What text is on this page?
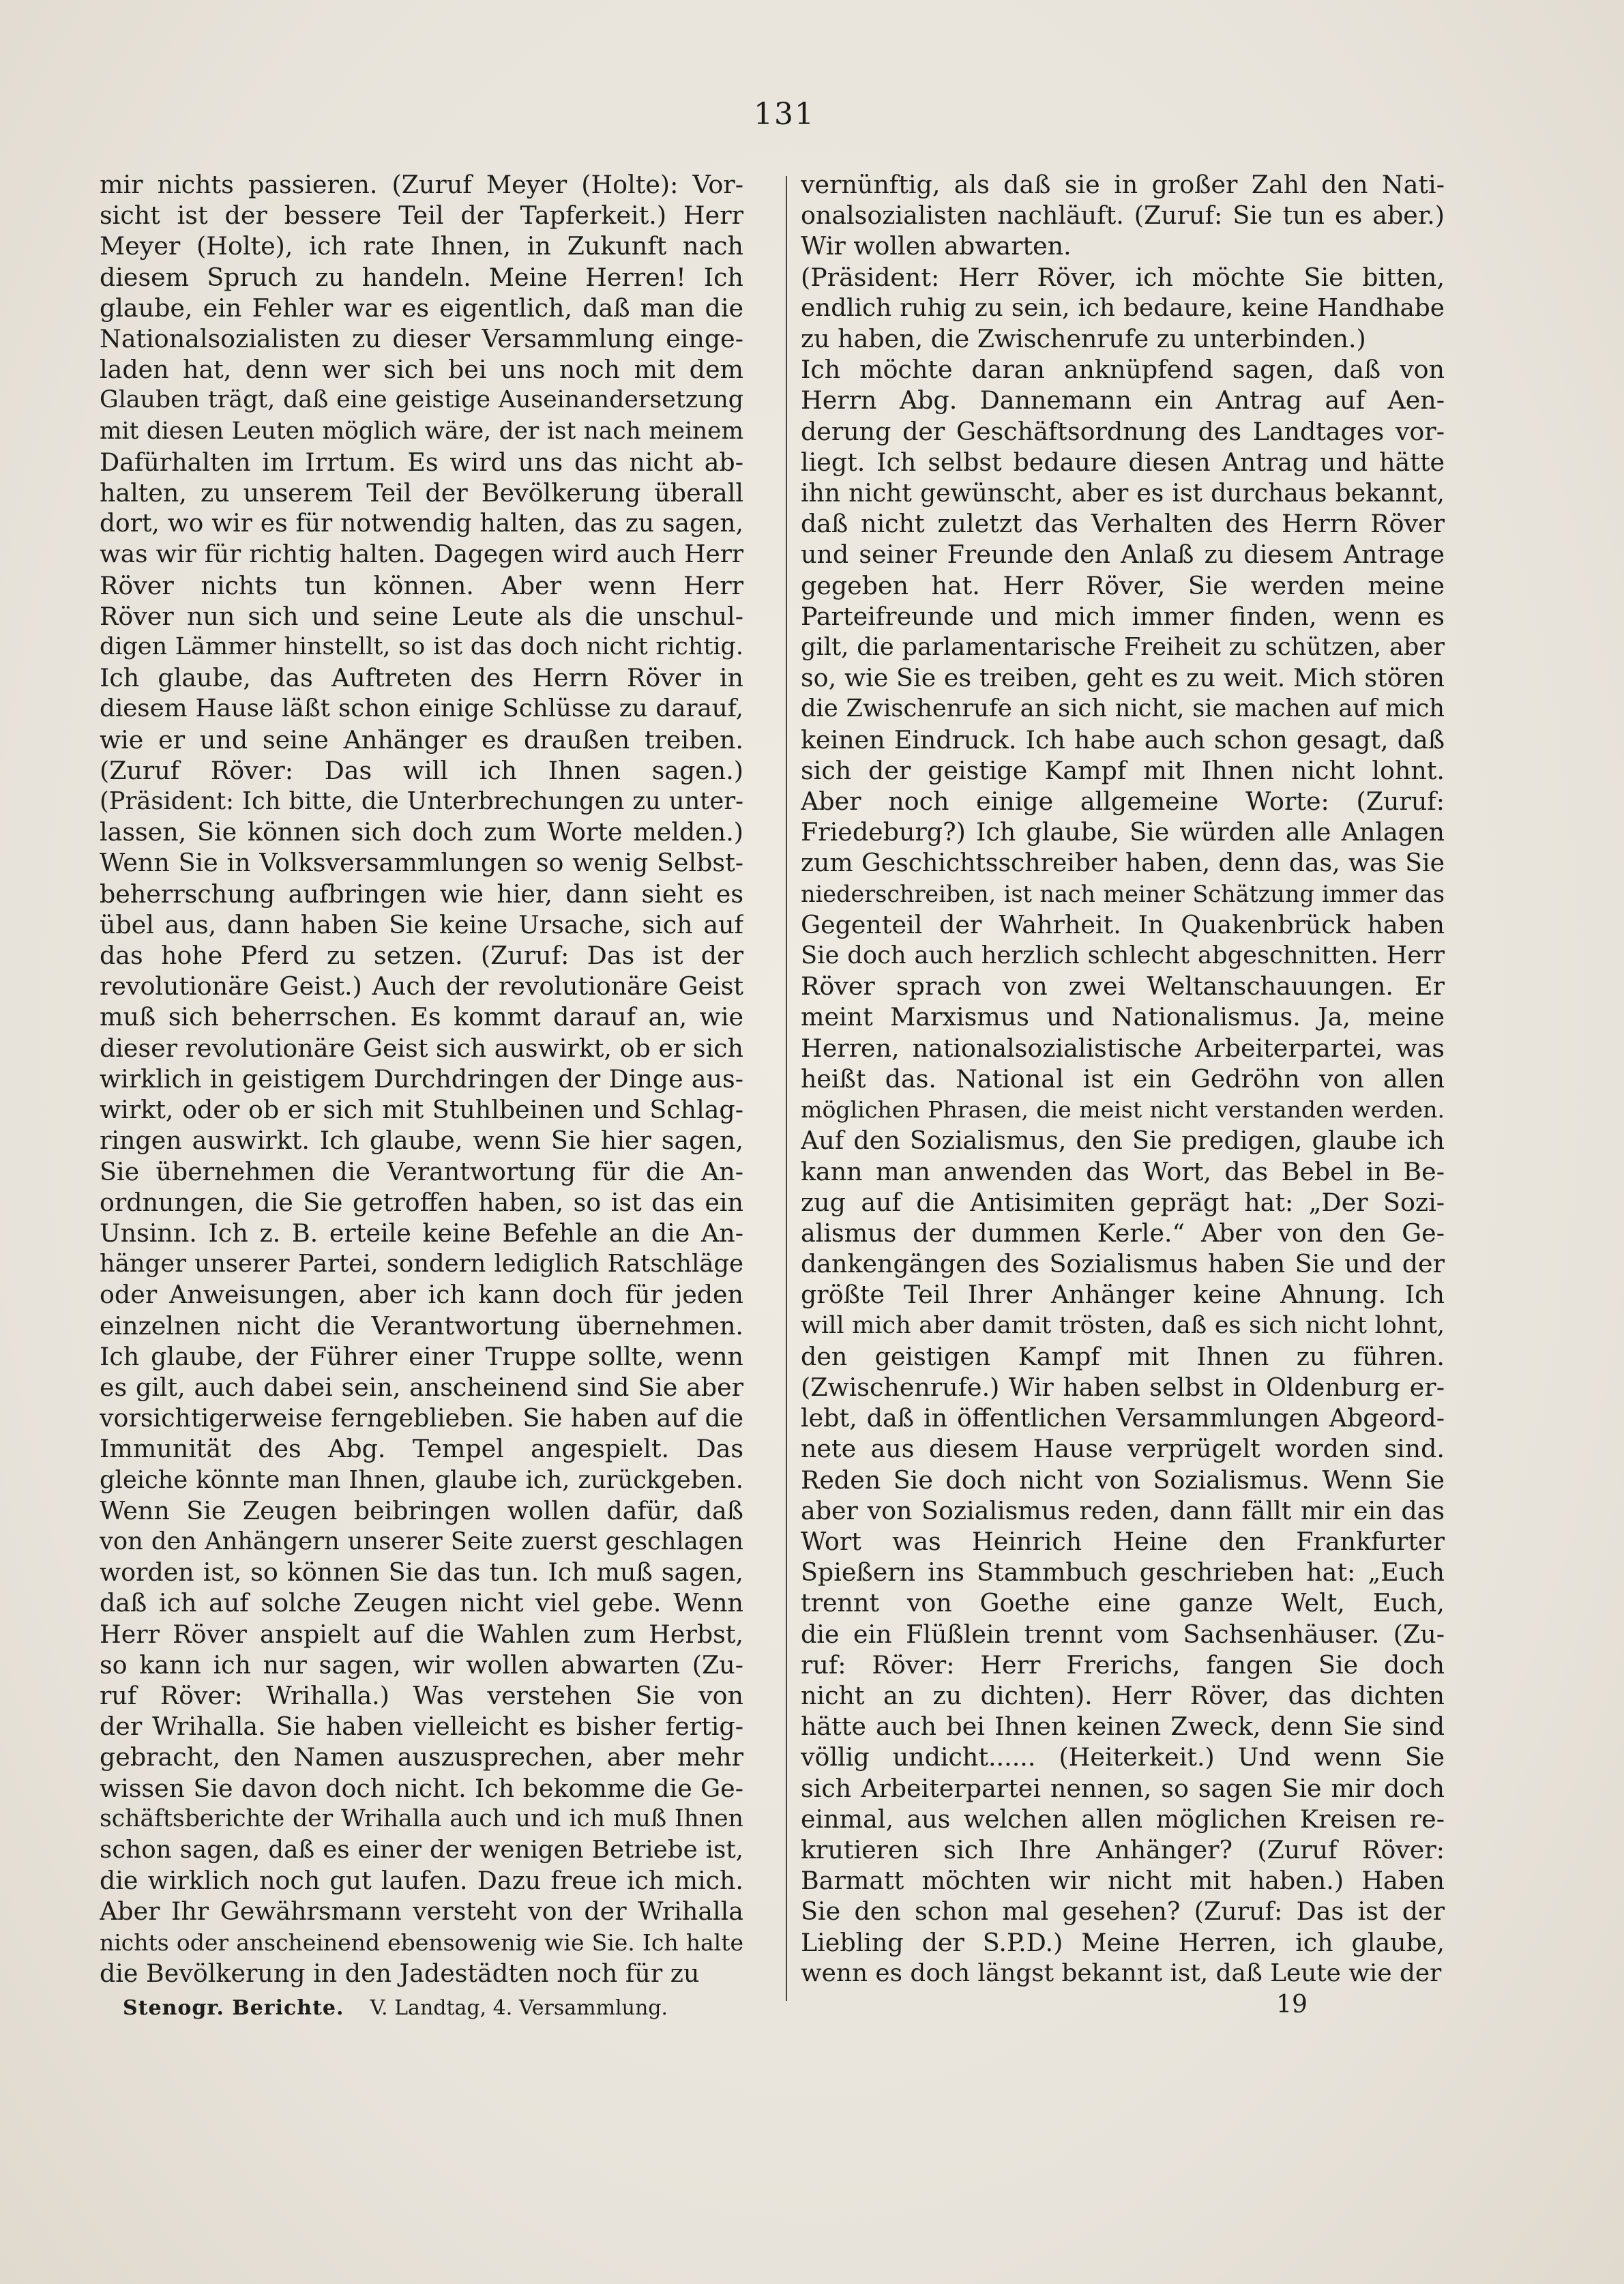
131
mir nichts passieren. (Zuruf Meyer (Holte): Vor-
sicht ist der bessere Teil der Tapferkeit.) Herr
Meyer (Holte), ich rate Ihnen, in Zukunft nach
diesem Spruch zu handeln. Meine Herren! Ich
glaube, ein Fehler war es eigentlich, daß man die
Nationalsozialisten zu dieser Versammlung einge-
laden hat, denn wer sich bei uns noch mit dem
Glauben trägt, daß eine geistige Auseinandersetzung
mit diesen Leuten möglich wäre, der ist nach meinem
Dafürhalten im Irrtum. Es wird uns das nicht ab-
halten, zu unserem Teil der Bevölkerung überall
dort, wo wir es für notwendig halten, das zu sagen,
was wir für richtig halten. Dagegen wird auch Herr
Röver nichts tun können. Aber wenn Herr
Röver nun sich und seine Leute als die unschul-
digen Lämmer hinstellt, so ist das doch nicht richtig.
Ich glaube, das Auftreten des Herrn Röver in
diesem Hause läßt schon einige Schlüsse zu darauf,
wie er und seine Anhänger es draußen treiben.
(Zuruf Röver: Das will ich Ihnen sagen.)
(Präsident: Ich bitte, die Unterbrechungen zu unter-
lassen, Sie können sich doch zum Worte melden.)
Wenn Sie in Volksversammlungen so wenig Selbst-
beherrschung aufbringen wie hier, dann sieht es
übel aus, dann haben Sie keine Ursache, sich auf
das hohe Pferd zu setzen. (Zuruf: Das ist der
revolutionäre Geist.) Auch der revolutionäre Geist
muß sich beherrschen. Es kommt darauf an, wie
dieser revolutionäre Geist sich auswirkt, ob er sich
wirklich in geistigem Durchdringen der Dinge aus-
wirkt, oder ob er sich mit Stuhlbeinen und Schlag-
ringen auswirkt. Ich glaube, wenn Sie hier sagen,
Sie übernehmen die Verantwortung für die An-
ordnungen, die Sie getroffen haben, so ist das ein
Unsinn. Ich z. B. erteile keine Befehle an die An-
hänger unserer Partei, sondern lediglich Ratschläge
oder Anweisungen, aber ich kann doch für jeden
einzelnen nicht die Verantwortung übernehmen.
Ich glaube, der Führer einer Truppe sollte, wenn
es gilt, auch dabei sein, anscheinend sind Sie aber
vorsichtigerweise ferngeblieben. Sie haben auf die
Immunität des Abg. Tempel angespielt. Das
gleiche könnte man Ihnen, glaube ich, zurückgeben.
Wenn Sie Zeugen beibringen wollen dafür, daß
von den Anhängern unserer Seite zuerst geschlagen
worden ist, so können Sie das tun. Ich muß sagen,
daß ich auf solche Zeugen nicht viel gebe. Wenn
Herr Röver anspielt auf die Wahlen zum Herbst,
so kann ich nur sagen, wir wollen abwarten (Zu-
ruf Röver: Wrihalla.) Was verstehen Sie von
der Wrihalla. Sie haben vielleicht es bisher fertig-
gebracht, den Namen auszusprechen, aber mehr
wissen Sie davon doch nicht. Ich bekomme die Ge-
schäftsberichte der Wrihalla auch und ich muß Ihnen
schon sagen, daß es einer der wenigen Betriebe ist,
die wirklich noch gut laufen. Dazu freue ich mich.
Aber Ihr Gewährsmann versteht von der Wrihalla
nichts oder anscheinend ebensowenig wie Sie. Ich halte
die Bevölkerung in den Jadestädten noch für zu
vernünftig, als daß sie in großer Zahl den Nati-
onalsozialisten nachläuft. (Zuruf: Sie tun es aber.)
Wir wollen abwarten.
(Präsident: Herr Röver, ich möchte Sie bitten,
endlich ruhig zu sein, ich bedaure, keine Handhabe
zu haben, die Zwischenrufe zu unterbinden.)
Ich möchte daran anknüpfend sagen, daß von
Herrn Abg. Dannemann ein Antrag auf Aen-
derung der Geschäftsordnung des Landtages vor-
liegt. Ich selbst bedaure diesen Antrag und hätte
ihn nicht gewünscht, aber es ist durchaus bekannt,
daß nicht zuletzt das Verhalten des Herrn Röver
und seiner Freunde den Anlaß zu diesem Antrage
gegeben hat. Herr Röver, Sie werden meine
Parteifreunde und mich immer finden, wenn es
gilt, die parlamentarische Freiheit zu schützen, aber
so, wie Sie es treiben, geht es zu weit. Mich stören
die Zwischenrufe an sich nicht, sie machen auf mich
keinen Eindruck. Ich habe auch schon gesagt, daß
sich der geistige Kampf mit Ihnen nicht lohnt.
Aber noch einige allgemeine Worte: (Zuruf:
Friedeburg?) Ich glaube, Sie würden alle Anlagen
zum Geschichtsschreiber haben, denn das, was Sie
niederschreiben, ist nach meiner Schätzung immer das
Gegenteil der Wahrheit. In Quakenbrück haben
Sie doch auch herzlich schlecht abgeschnitten. Herr
Röver sprach von zwei Weltanschauungen. Er
meint Marxismus und Nationalismus. Ja, meine
Herren, nationalsozialistische Arbeiterpartei, was
heißt das. National ist ein Gedröhn von allen
möglichen Phrasen, die meist nicht verstanden werden.
Auf den Sozialismus, den Sie predigen, glaube ich
kann man anwenden das Wort, das Bebel in Be-
zug auf die Antisimiten geprägt hat: „Der Sozi-
alismus der dummen Kerle.“ Aber von den Ge-
dankengängen des Sozialismus haben Sie und der
größte Teil Ihrer Anhänger keine Ahnung. Ich
will mich aber damit trösten, daß es sich nicht lohnt,
den geistigen Kampf mit Ihnen zu führen.
(Zwischenrufe.) Wir haben selbst in Oldenburg er-
lebt, daß in öffentlichen Versammlungen Abgeord-
nete aus diesem Hause verprügelt worden sind.
Reden Sie doch nicht von Sozialismus. Wenn Sie
aber von Sozialismus reden, dann fällt mir ein das
Wort was Heinrich Heine den Frankfurter
Spießern ins Stammbuch geschrieben hat: „Euch
trennt von Goethe eine ganze Welt, Euch,
die ein Flüßlein trennt vom Sachsenhäuser. (Zu-
ruf: Röver: Herr Frerichs, fangen Sie doch
nicht an zu dichten). Herr Röver, das dichten
hätte auch bei Ihnen keinen Zweck, denn Sie sind
völlig undicht...... (Heiterkeit.) Und wenn Sie
sich Arbeiterpartei nennen, so sagen Sie mir doch
einmal, aus welchen allen möglichen Kreisen re-
krutieren sich Ihre Anhänger? (Zuruf Röver:
Barmatt möchten wir nicht mit haben.) Haben
Sie den schon mal gesehen? (Zuruf: Das ist der
Liebling der S.P.D.) Meine Herren, ich glaube,
wenn es doch längst bekannt ist, daß Leute wie der
Stenogr. Berichte. V. Landtag, 4. Versammlung.	19
